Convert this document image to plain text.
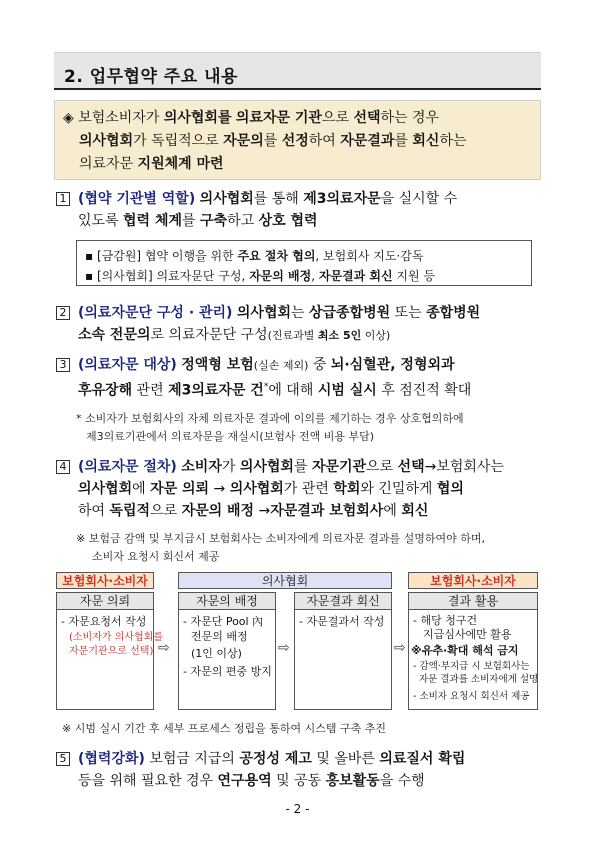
2. 업무협약 주요 내용
◈ 보험소비자가 의사협회를 의료자문 기관으로 선택하는 경우
의사협회가 독립적으로 자문의를 선정하여 자문결과를 회신하는
의료자문 지원체계 마련
1 (협약 기관별 역할) 의사협회를 통해 제3의료자문을 실시할 수
있도록 협력 체계를 구축하고 상호 협력
▪ [금감원] 협약 이행을 위한 주요 절차 협의, 보험회사 지도·감독
▪ [의사협회] 의료자문단 구성, 자문의 배정, 자문결과 회신 지원 등
2 (의료자문단 구성 · 관리) 의사협회는 상급종합병원 또는 종합병원
소속 전문의로 의료자문단 구성(진료과별 최소 5인 이상)
3 (의료자문 대상) 정액형 보험(실손 제외) 중 뇌·심혈관, 정형외과
후유장해 관련 제3의료자문 건*에 대해 시범 실시 후 점진적 확대
* 소비자가 보험회사의 자체 의료자문 결과에 이의를 제기하는 경우 상호협의하에
제3의료기관에서 의료자문을 재실시(보험사 전액 비용 부담)
4 (의료자문 절차) 소비자가 의사협회를 자문기관으로 선택→보험회사는
의사협회에 자문 의뢰 → 의사협회가 관련 학회와 긴밀하게 협의
하여 독립적으로 자문의 배정 →자문결과 보험회사에 회신
※ 보험금 감액 및 부지급시 보험회사는 소비자에게 의료자문 결과를 설명하여야 하며,
소비자 요청시 회신서 제공
보험회사·소비자	의사협회	보험회사·소비자
자문 의뢰
- 자문요청서 작성
(소비자가 의사협회를
자문기관으로 선택) ⇨
자문의 배정
- 자문단 Pool 內
전문의 배정
(1인 이상)
- 자문의 편중 방지
⇨
자문결과 회신
- 자문결과서 작성
⇨
결과 활용
- 해당 청구건
지급심사에만 활용
※유추·확대 해석 금지
- 감액·부지급 시 보험회사는
자문 결과를 소비자에게 설명
- 소비자 요청시 회신서 제공
※ 시범 실시 기간 후 세부 프로세스 정립을 통하여 시스템 구축 추진
5 (협력강화) 보험금 지급의 공정성 제고 및 올바른 의료질서 확립
등을 위해 필요한 경우 연구용역 및 공동 홍보활동을 수행
- 2 -
